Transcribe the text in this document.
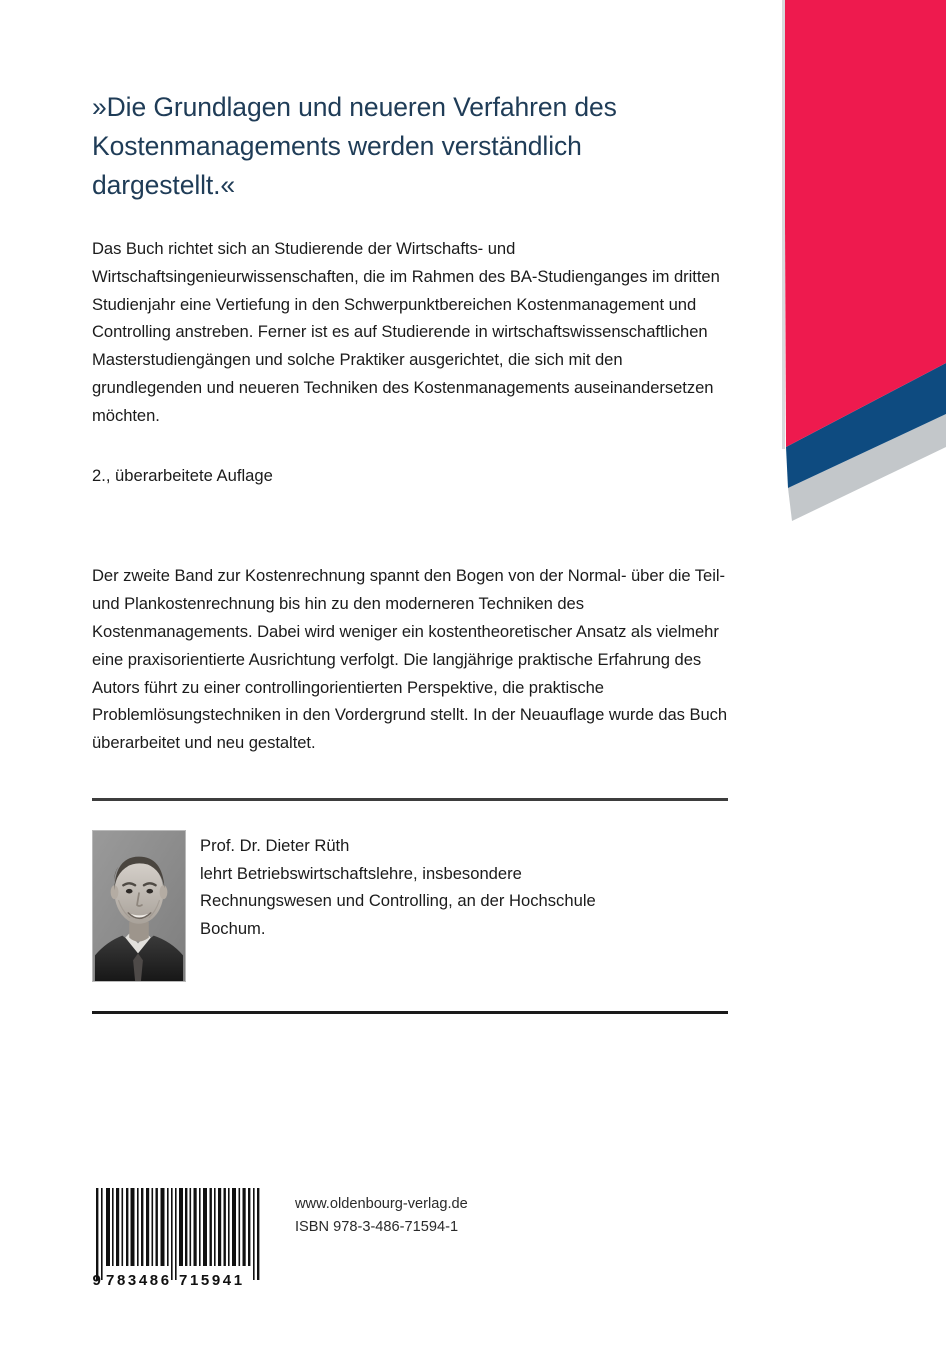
»Die Grundlagen und neueren Verfahren des Kostenmanagements werden verständlich dargestellt.«

Das Buch richtet sich an Studierende der Wirtschafts- und Wirtschaftsingenieurwissenschaften, die im Rahmen des BA-Studienganges im dritten Studienjahr eine Vertiefung in den Schwerpunktbereichen Kostenmanagement und Controlling anstreben. Ferner ist es auf Studierende in wirtschaftswissenschaftlichen Masterstudiengängen und solche Praktiker ausgerichtet, die sich mit den grundlegenden und neueren Techniken des Kostenmanagements auseinandersetzen möchten.

2., überarbeitete Auflage

Der zweite Band zur Kostenrechnung spannt den Bogen von der Normal- über die Teil- und Plankostenrechnung bis hin zu den moderneren Techniken des Kostenmanagements. Dabei wird weniger ein kostentheoretischer Ansatz als vielmehr eine praxisorientierte Ausrichtung verfolgt. Die langjährige praktische Erfahrung des Autors führt zu einer controllingorientierten Perspektive, die praktische Problemlösungstechniken in den Vordergrund stellt. In der Neuauflage wurde das Buch überarbeitet und neu gestaltet.

Prof. Dr. Dieter Rüth
lehrt Betriebswirtschaftslehre, insbesondere
Rechnungswesen und Controlling, an der Hochschule
Bochum.
9 783486 715941
www.oldenbourg-verlag.de
ISBN 978-3-486-71594-1
